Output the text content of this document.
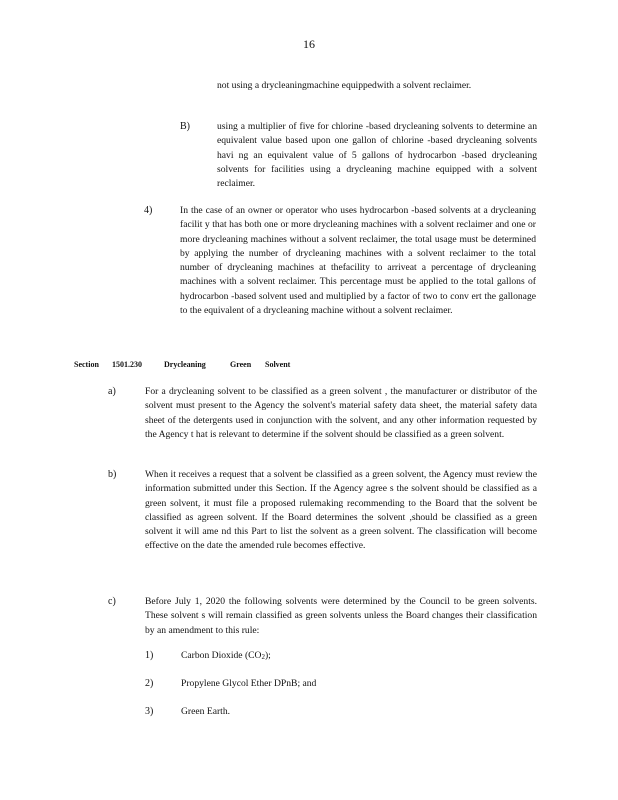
16
not using a drycleaningmachine equippedwith a solvent reclaimer.
B)	using a multiplier of five for chlorine -based drycleaning solvents to determine an equivalent value based upon one gallon of chlorine -based drycleaning solvents havi ng an equivalent value of 5 gallons of hydrocarbon -based drycleaning solvents for facilities using a drycleaning machine equipped with a solvent reclaimer.
4)	In the case of an owner or operator who uses hydrocarbon -based solvents at a drycleaning facilit y that has both one or more drycleaning machines with a solvent reclaimer and one or more drycleaning machines without a solvent reclaimer, the total usage must be determined by applying the number of drycleaning machines with a solvent reclaimer to the total number of drycleaning machines at thefacility to arriveat a percentage of drycleaning machines with a solvent reclaimer. This percentage must be applied to the total gallons of hydrocarbon -based solvent used and multiplied by a factor of two to conv ert the gallonage to the equivalent of a drycleaning machine without a solvent reclaimer.
Section 1501.230	Drycleaning	Green Solvent
a)	For a drycleaning solvent to be classified as a green solvent , the manufacturer or distributor of the solvent must present to the Agency the solvent's material safety data sheet, the material safety data sheet of the detergents used in conjunction with the solvent, and any other information requested by the Agency t hat is relevant to determine if the solvent should be classified as a green solvent.
b)	When it receives a request that a solvent be classified as a green solvent, the Agency must review the information submitted under this Section. If the Agency agree s the solvent should be classified as a green solvent, it must file a proposed rulemaking recommending to the Board that the solvent be classified as agreen solvent. If the Board determines the solvent ,should be classified as a green solvent it will ame nd this Part to list the solvent as a green solvent. The classification will become effective on the date the amended rule becomes effective.
c)	Before July 1, 2020 the following solvents were determined by the Council to be green solvents. These solvent s will remain classified as green solvents unless the Board changes their classification by an amendment to this rule:
1)	Carbon Dioxide (CO2);
2)	Propylene Glycol Ether DPnB; and
3)	Green Earth.
